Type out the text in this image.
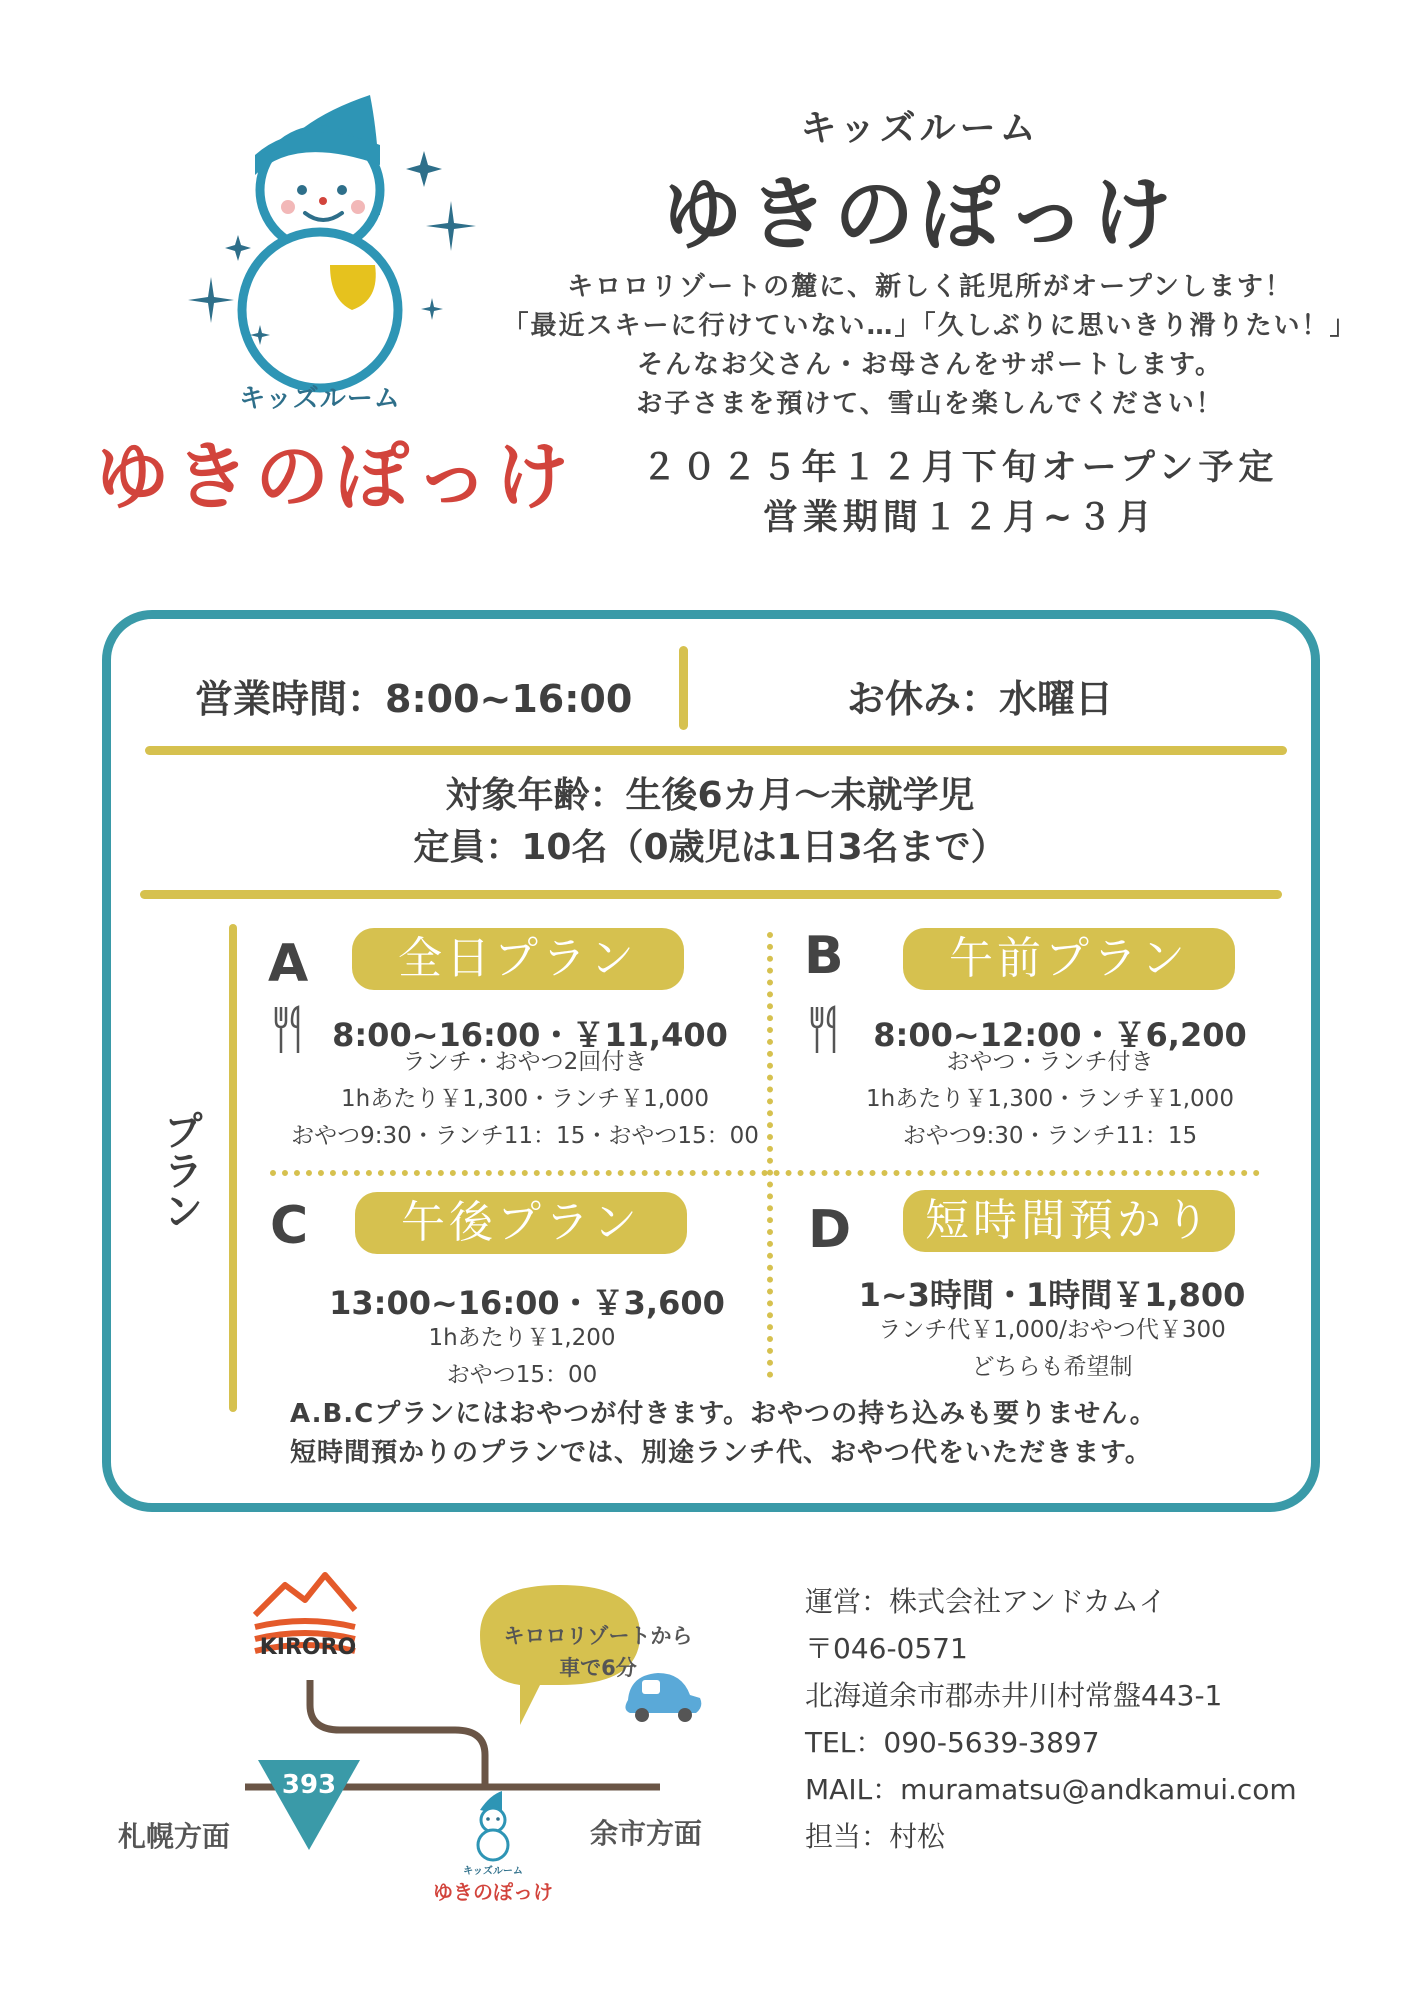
キッズルーム
ゆきのぽっけ
キッズルーム
ゆきのぽっけ
キロロリゾートの麓に、新しく託児所がオープンします！
「最近スキーに行けていない…」「久しぶりに思いきり滑りたい！」
そんなお父さん・お母さんをサポートします。
お子さまを預けて、雪山を楽しんでください！
２０２５年１２月下旬オープン予定
営業期間１２月~３月
営業時間：8:00~16:00	お休み：水曜日
対象年齢：生後6カ月～未就学児
定員：10名（0歳児は1日3名まで）
プラン
A	全日プラン
8:00~16:00・￥11,400
ランチ・おやつ2回付き
1hあたり￥1,300・ランチ￥1,000
おやつ9:30・ランチ11：15・おやつ15：00
B	午前プラン
8:00~12:00・￥6,200
おやつ・ランチ付き
1hあたり￥1,300・ランチ￥1,000
おやつ9:30・ランチ11：15
C	午後プラン
13:00~16:00・￥3,600
1hあたり￥1,200
おやつ15：00
D	短時間預かり
1~3時間・1時間￥1,800
ランチ代￥1,000/おやつ代￥300
どちらも希望制
A.B.Cプランにはおやつが付きます。おやつの持ち込みも要りません。
短時間預かりのプランでは、別途ランチ代、おやつ代をいただきます。
KIRORO
393
札幌方面	余市方面
キロロリゾートから
車で6分
キッズルーム
ゆきのぽっけ
運営：株式会社アンドカムイ
〒046-0571
北海道余市郡赤井川村常盤443-1
TEL：090-5639-3897
MAIL：muramatsu@andkamui.com
担当：村松
